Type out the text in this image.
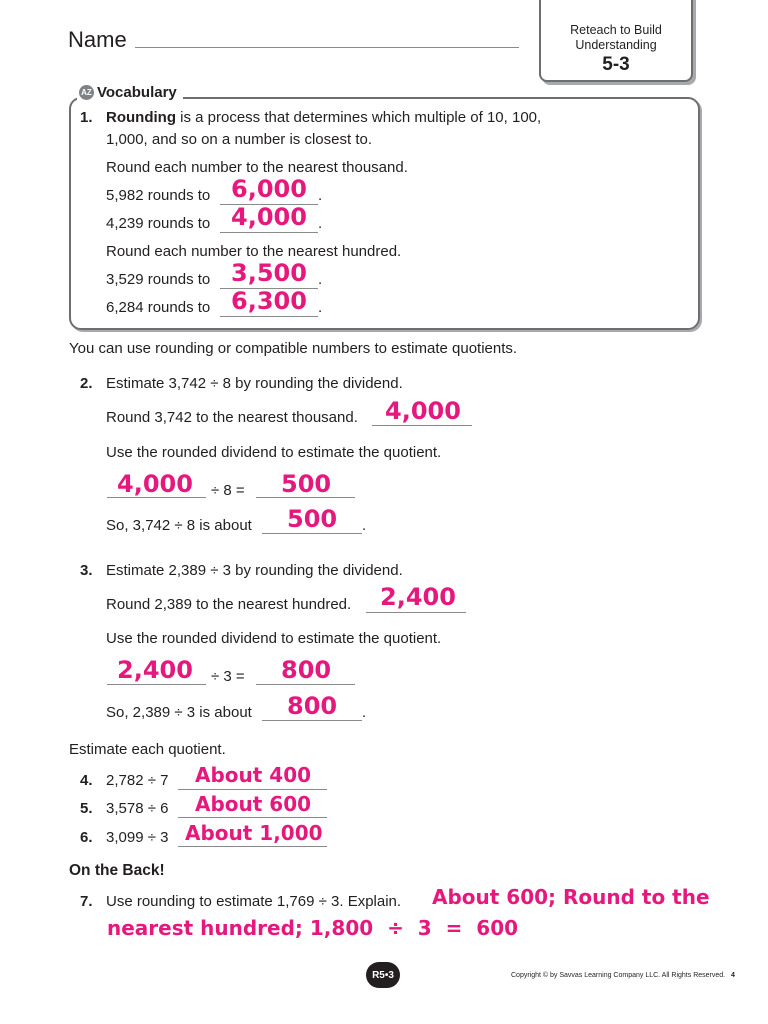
Name	Reteach to Build
Understanding
5-3
AZ Vocabulary
1. Rounding is a process that determines which multiple of 10, 100,
1,000, and so on a number is closest to.
Round each number to the nearest thousand.
5,982 rounds to	.
6,000
4,239 rounds to	.
4,000
Round each number to the nearest hundred.
3,529 rounds to	.
3,500
6,284 rounds to	.
6,300
You can use rounding or compatible numbers to estimate quotients.
2. Estimate 3,742 ÷ 8 by rounding the dividend.
Round 3,742 to the nearest thousand. 4,000
Use the rounded dividend to estimate the quotient.
4,000 ÷ 8 = 500
So, 3,742 ÷ 8 is about	.
500
3. Estimate 2,389 ÷ 3 by rounding the dividend.
Round 2,389 to the nearest hundred. 2,400
Use the rounded dividend to estimate the quotient.
2,400 ÷ 3 = 800
So, 2,389 ÷ 3 is about	.
800
Estimate each quotient.
4. 2,782 ÷ 7 About 400
5. 3,578 ÷ 6 About 600
6. 3,099 ÷ 3 About 1,000
On the Back!
7. Use rounding to estimate 1,769 ÷ 3. Explain. About 600; Round to the
nearest hundred; 1,800  ÷  3  =  600
R5•3	Copyright © by Savvas Learning Company LLC. All Rights Reserved. 4
